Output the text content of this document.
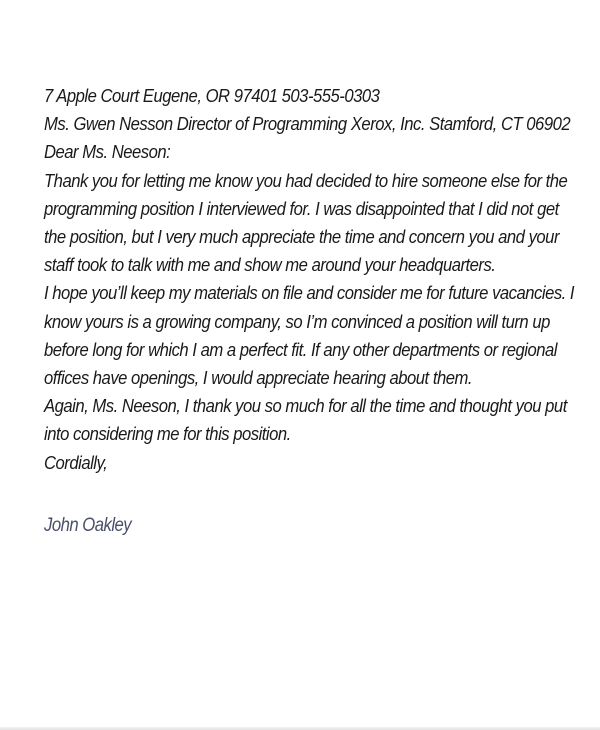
7 Apple Court Eugene, OR 97401 503-555-0303
Ms. Gwen Nesson Director of Programming Xerox, Inc. Stamford, CT 06902
Dear Ms. Neeson:
Thank you for letting me know you had decided to hire someone else for the
programming position I interviewed for. I was disappointed that I did not get
the position, but I very much appreciate the time and concern you and your
staff took to talk with me and show me around your headquarters.
I hope you’ll keep my materials on file and consider me for future vacancies. I
know yours is a growing company, so I’m convinced a position will turn up
before long for which I am a perfect fit. If any other departments or regional
offices have openings, I would appreciate hearing about them.
Again, Ms. Neeson, I thank you so much for all the time and thought you put
into considering me for this position.
Cordially,
John Oakley
